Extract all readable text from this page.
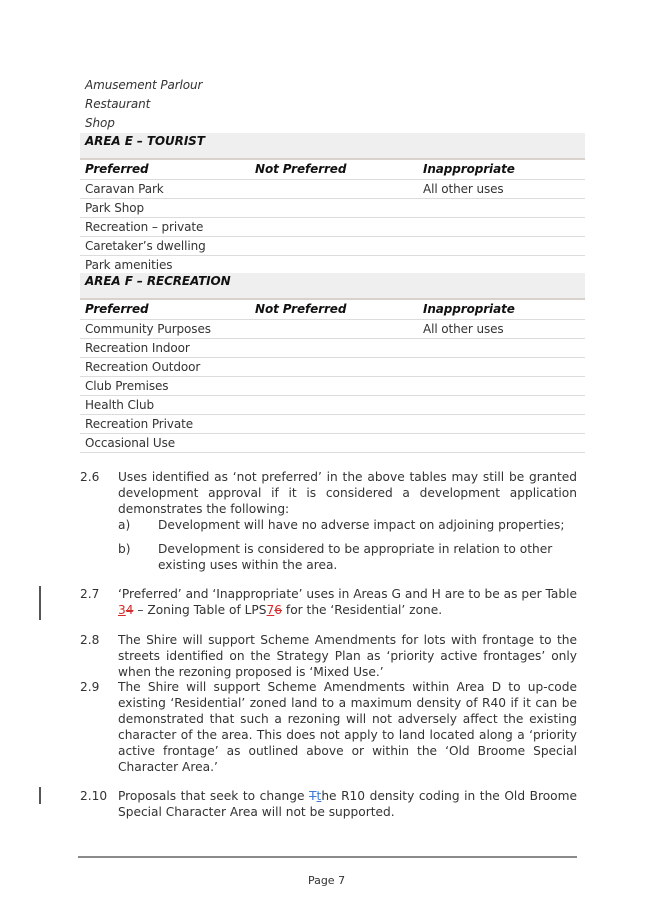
Amusement Parlour
Restaurant
Shop
AREA E – TOURIST		
Preferred	Not Preferred	Inappropriate
Caravan Park		All other uses
Park Shop		
Recreation – private		
Caretaker’s dwelling		
Park amenities		
AREA F – RECREATION		
Preferred	Not Preferred	Inappropriate
Community Purposes		All other uses
Recreation Indoor		
Recreation Outdoor		
Club Premises		
Health Club		
Recreation Private		
Occasional Use		
2.6	Uses identified as ‘not preferred’ in the above tables may still be granted development approval if it is considered a development application demonstrates the following:
a) Development will have no adverse impact on adjoining properties;
b) Development is considered to be appropriate in relation to other existing uses within the area.
2.7	‘Preferred’ and ‘Inappropriate’ uses in Areas G and H are to be as per Table 34 – Zoning Table of LPS76 for the ‘Residential’ zone.
2.8	The Shire will support Scheme Amendments for lots with frontage to the streets identified on the Strategy Plan as ‘priority active frontages’ only when the rezoning proposed is ‘Mixed Use.’
2.9	The Shire will support Scheme Amendments within Area D to up-code existing ‘Residential’ zoned land to a maximum density of R40 if it can be demonstrated that such a rezoning will not adversely affect the existing character of the area. This does not apply to land located along a ‘priority active frontage’ as outlined above or within the ‘Old Broome Special Character Area.’
2.10 Proposals that seek to change Tthe R10 density coding in the Old Broome Special Character Area will not be supported.
Page 7
